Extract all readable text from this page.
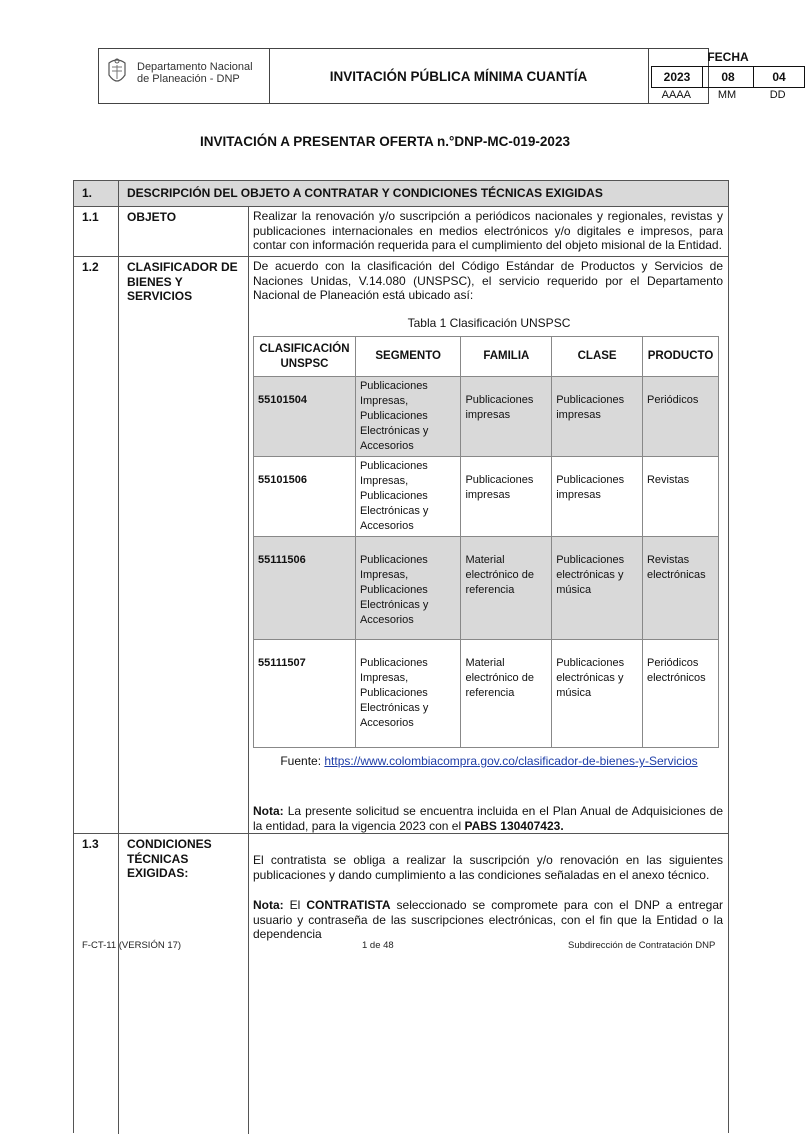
Departamento Nacional
de Planeación - DNP	INVITACIÓN PÚBLICA MÍNIMA CUANTÍA
FECHA
2023	08	04
AAAA	MM	DD
INVITACIÓN A PRESENTAR OFERTA n.°DNP-MC-019-2023
1.	DESCRIPCIÓN DEL OBJETO A CONTRATAR Y CONDICIONES TÉCNICAS EXIGIDAS
1.1 OBJETO	Realizar la renovación y/o suscripción a periódicos nacionales y regionales, revistas y publicaciones internacionales en medios electrónicos y/o digitales e impresos, para contar con información requerida para el cumplimiento del objeto misional de la Entidad.
1.2 CLASIFICADOR DE BIENES Y SERVICIOS
De acuerdo con la clasificación del Código Estándar de Productos y Servicios de Naciones Unidas, V.14.080 (UNSPSC), el servicio requerido por el Departamento Nacional de Planeación está ubicado así:
Tabla 1 Clasificación UNSPSC
Fuente: https://www.colombiacompra.gov.co/clasificador-de-bienes-y-Servicios
Nota: La presente solicitud se encuentra incluida en el Plan Anual de Adquisiciones de la entidad, para la vigencia 2023 con el PABS 130407423.
1.3 CONDICIONES TÉCNICAS EXIGIDAS:
El contratista se obliga a realizar la suscripción y/o renovación en las siguientes publicaciones y dando cumplimiento a las condiciones señaladas en el anexo técnico.
Nota: El CONTRATISTA seleccionado se compromete para con el DNP a entregar usuario y contraseña de las suscripciones electrónicas, con el fin que la Entidad o la dependencia
CLASIFICACIÓN UNSPSC	SEGMENTO	FAMILIA	CLASE	PRODUCTO
55101504	Publicaciones Impresas, Publicaciones Electrónicas y Accesorios	Publicaciones impresas	Publicaciones impresas	Periódicos
55101506	Publicaciones Impresas, Publicaciones Electrónicas y Accesorios	Publicaciones impresas	Publicaciones impresas	Revistas
55111506	Publicaciones Impresas, Publicaciones Electrónicas y Accesorios	Material electrónico de referencia	Publicaciones electrónicas y música	Revistas electrónicas
55111507	Publicaciones Impresas, Publicaciones Electrónicas y Accesorios	Material electrónico de referencia	Publicaciones electrónicas y música	Periódicos electrónicos
F-CT-11 (VERSIÓN 17)	1 de 48	Subdirección de Contratación DNP
